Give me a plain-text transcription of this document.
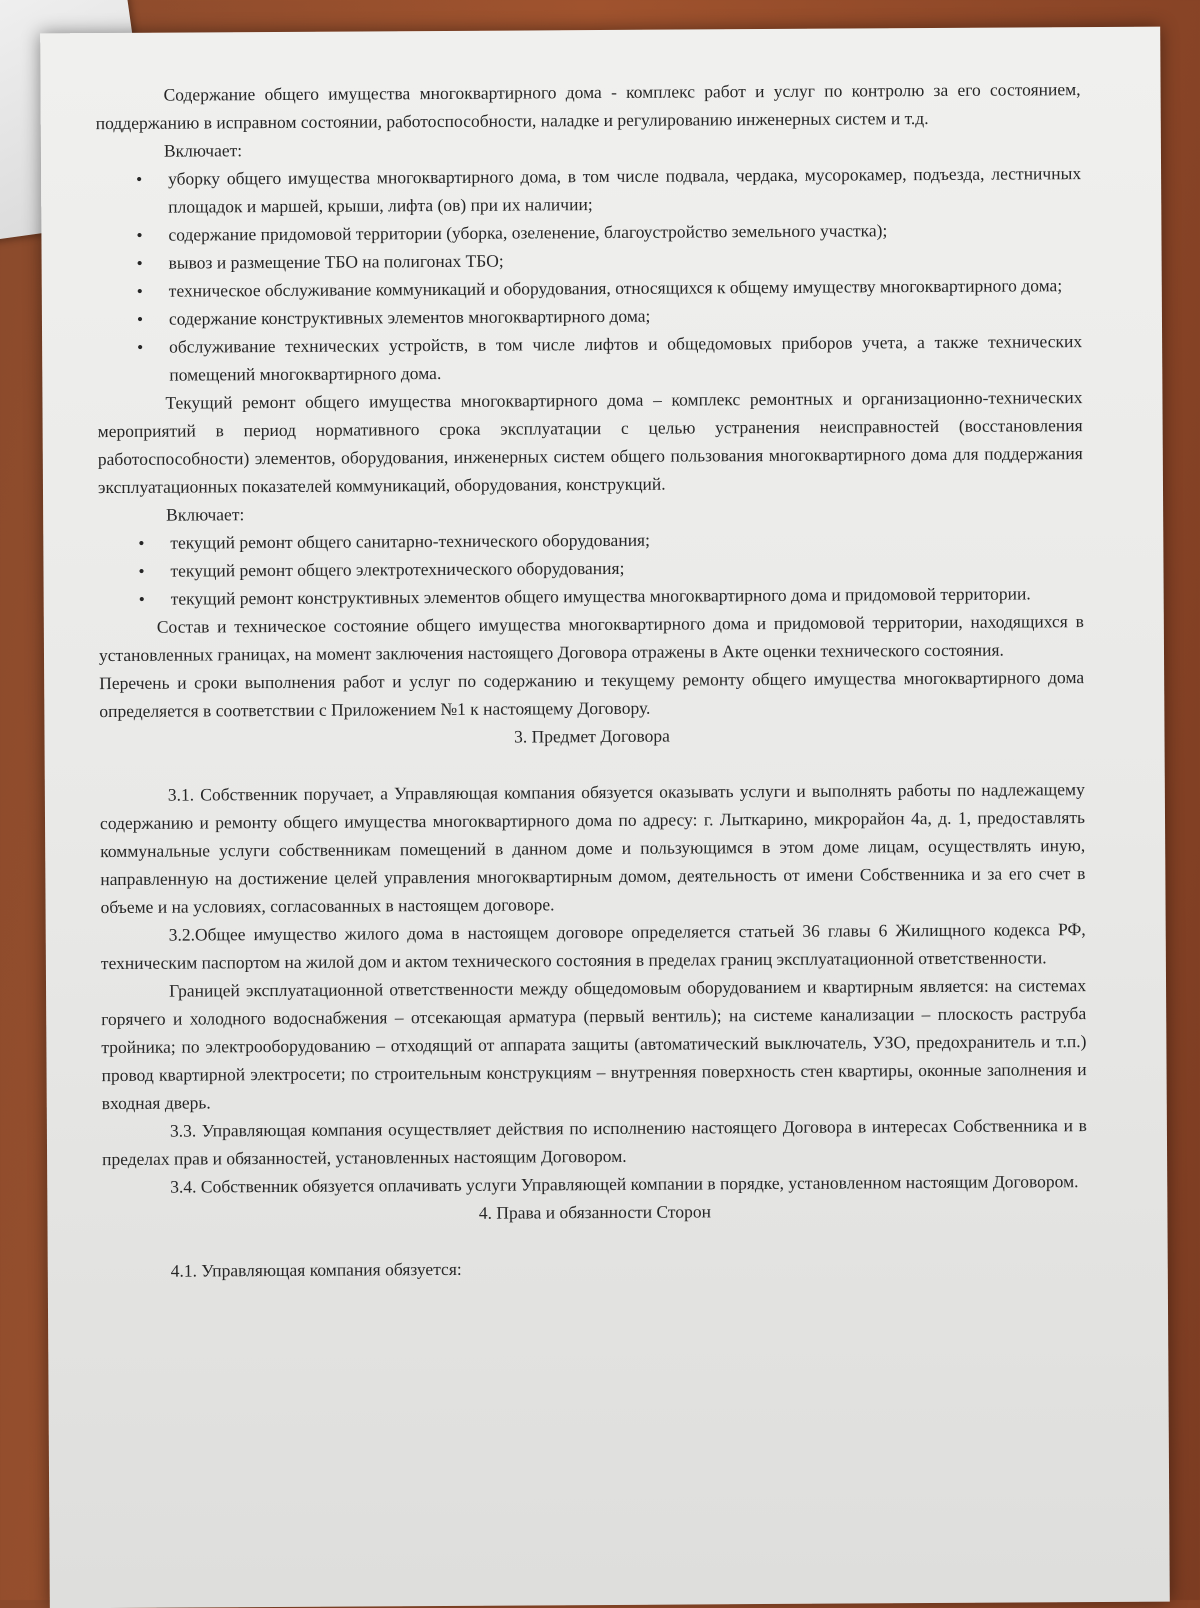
Содержание общего имущества многоквартирного дома - комплекс работ и услуг по контролю за его состоянием, поддержанию в исправном состоянии, работоспособности, наладке и регулированию инженерных систем и т.д.

Включает:

• уборку общего имущества многоквартирного дома, в том числе подвала, чердака, мусорокамер, подъезда, лестничных площадок и маршей, крыши, лифта (ов) при их наличии;
• содержание придомовой территории (уборка, озеленение, благоустройство земельного участка);
• вывоз и размещение ТБО на полигонах ТБО;
• техническое обслуживание коммуникаций и оборудования, относящихся к общему имуществу многоквартирного дома;
• содержание конструктивных элементов многоквартирного дома;
• обслуживание технических устройств, в том числе лифтов и общедомовых приборов учета, а также технических помещений многоквартирного дома.

Текущий ремонт общего имущества многоквартирного дома – комплекс ремонтных и организационно-технических мероприятий в период нормативного срока эксплуатации с целью устранения неисправностей (восстановления работоспособности) элементов, оборудования, инженерных систем общего пользования многоквартирного дома для поддержания эксплуатационных показателей коммуникаций, оборудования, конструкций.

Включает:

• текущий ремонт общего санитарно-технического оборудования;
• текущий ремонт общего электротехнического оборудования;
• текущий ремонт конструктивных элементов общего имущества многоквартирного дома и придомовой территории.

Состав и техническое состояние общего имущества многоквартирного дома и придомовой территории, находящихся в установленных границах, на момент заключения настоящего Договора отражены в Акте оценки технического состояния.

Перечень и сроки выполнения работ и услуг по содержанию и текущему ремонту общего имущества многоквартирного дома определяется в соответствии с Приложением №1 к настоящему Договору.

3. Предмет Договора

3.1. Собственник поручает, а Управляющая компания обязуется оказывать услуги и выполнять работы по надлежащему содержанию и ремонту общего имущества многоквартирного дома по адресу: г. Лыткарино, микрорайон 4а, д. 1, предоставлять коммунальные услуги собственникам помещений в данном доме и пользующимся в этом доме лицам, осуществлять иную, направленную на достижение целей управления многоквартирным домом, деятельность от имени Собственника и за его счет в объеме и на условиях, согласованных в настоящем договоре.

3.2.Общее имущество жилого дома в настоящем договоре определяется статьей 36 главы 6 Жилищного кодекса РФ, техническим паспортом на жилой дом и актом технического состояния в пределах границ эксплуатационной ответственности.

Границей эксплуатационной ответственности между общедомовым оборудованием и квартирным является: на системах горячего и холодного водоснабжения – отсекающая арматура (первый вентиль); на системе канализации – плоскость раструба тройника; по электрооборудованию – отходящий от аппарата защиты (автоматический выключатель, УЗО, предохранитель и т.п.) провод квартирной электросети; по строительным конструкциям – внутренняя поверхность стен квартиры, оконные заполнения и входная дверь.

3.3. Управляющая компания осуществляет действия по исполнению настоящего Договора в интересах Собственника и в пределах прав и обязанностей, установленных настоящим Договором.

3.4. Собственник обязуется оплачивать услуги Управляющей компании в порядке, установленном настоящим Договором.

4. Права и обязанности Сторон

4.1. Управляющая компания обязуется:
